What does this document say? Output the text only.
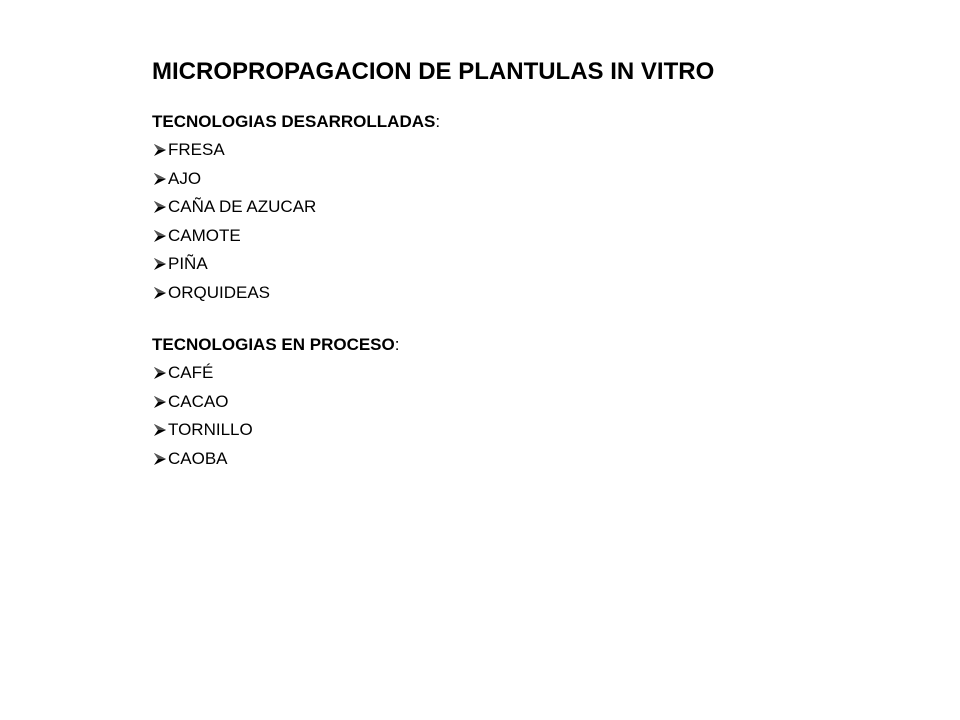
MICROPROPAGACION DE PLANTULAS IN VITRO
TECNOLOGIAS DESARROLLADAS:
FRESA
AJO
CAÑA DE AZUCAR
CAMOTE
PIÑA
ORQUIDEAS
TECNOLOGIAS EN PROCESO:
CAFÉ
CACAO
TORNILLO
CAOBA
